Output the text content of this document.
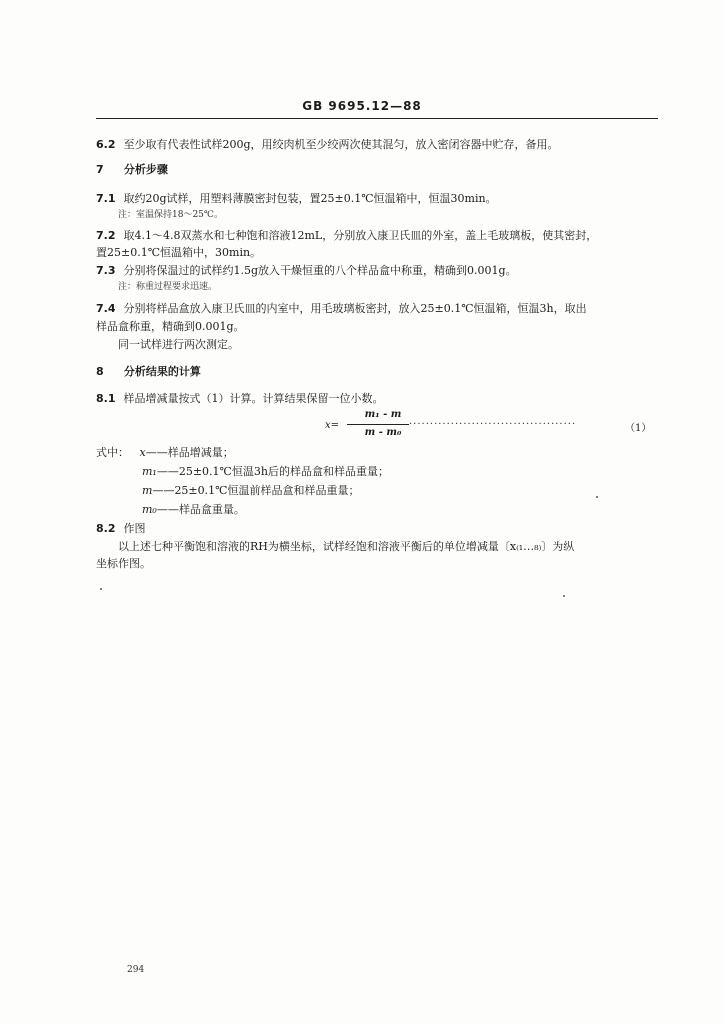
GB 9695.12—88
6.2 至少取有代表性试样200g，用绞肉机至少绞两次使其混匀，放入密闭容器中贮存，备用。
7 分析步骤
7.1 取约20g试样，用塑料薄膜密封包装，置25±0.1℃恒温箱中，恒温30min。
注：室温保持18～25℃。
7.2 取4.1～4.8双蒸水和七种饱和溶液12mL，分别放入康卫氏皿的外室，盖上毛玻璃板，使其密封，
置25±0.1℃恒温箱中，30min。
7.3 分别将保温过的试样约1.5g放入干燥恒重的八个样品盒中称重，精确到0.001g。
注：称重过程要求迅速。
7.4 分别将样品盒放入康卫氏皿的内室中，用毛玻璃板密封，放入25±0.1℃恒温箱，恒温3h，取出
样品盒称重，精确到0.001g。
同一试样进行两次测定。
8 分析结果的计算
8.1 样品增减量按式（1）计算。计算结果保留一位小数。
x=
m₁ - m
m - m₀
········································	（1）
式中： x——样品增减量；
m₁——25±0.1℃恒温3h后的样品盒和样品重量；
m——25±0.1℃恒温前样品盒和样品重量；
m₀——样品盒重量。
8.2 作图
以上述七种平衡饱和溶液的RH为横坐标，试样经饱和溶液平衡后的单位增减量〔x₍₁…₈₎〕为纵
坐标作图。
294
